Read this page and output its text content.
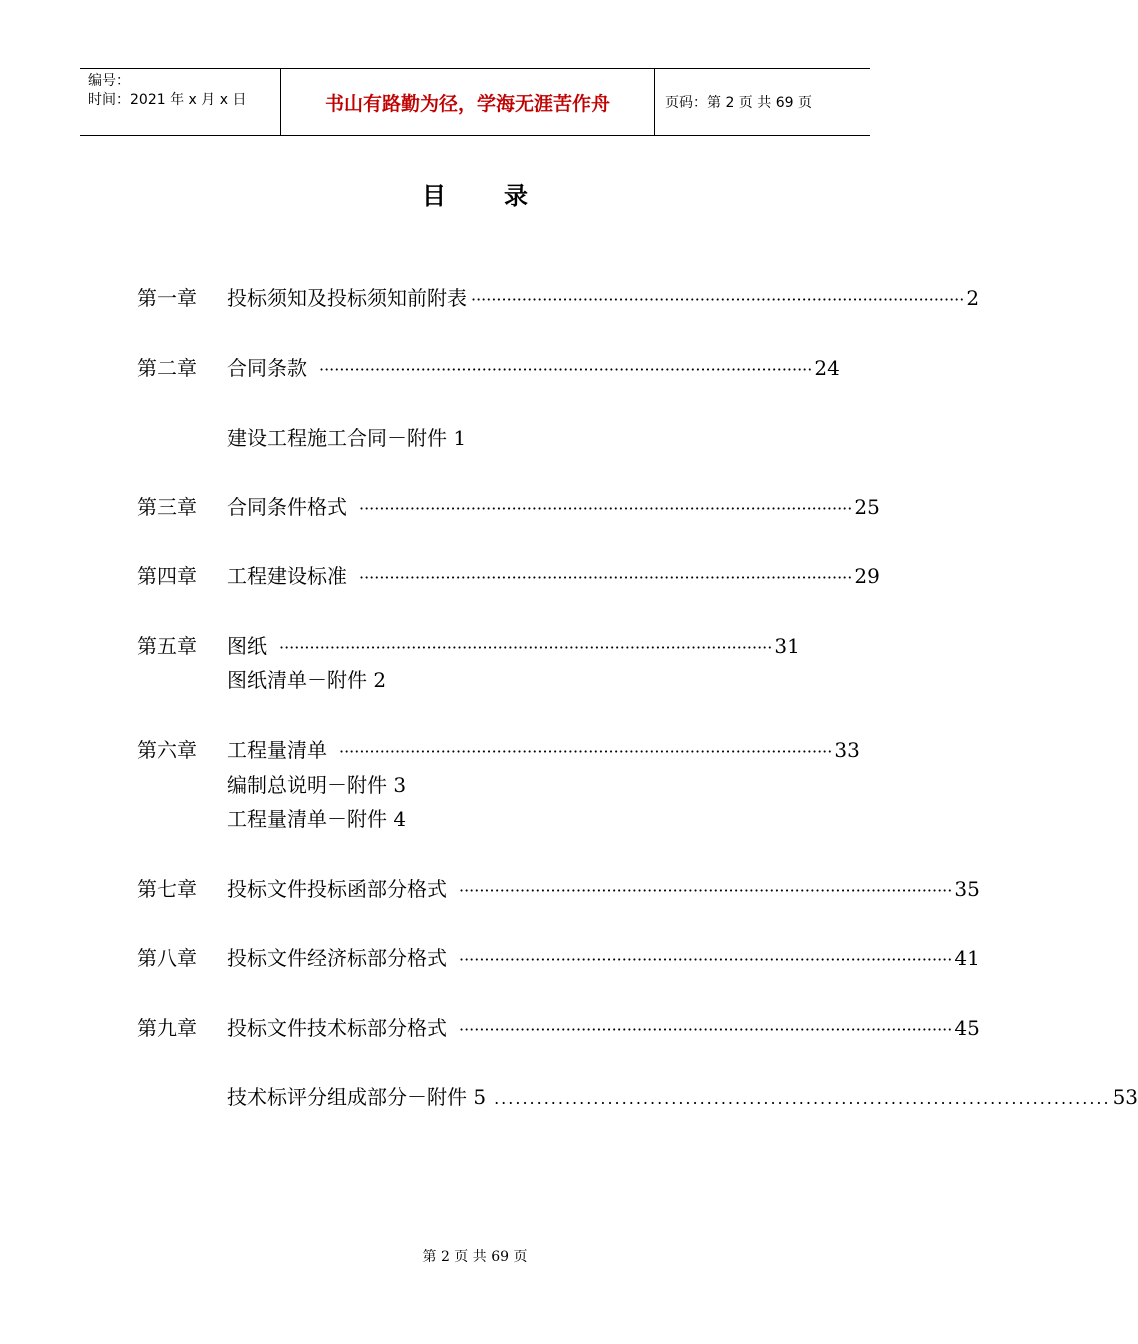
编号：
时间：2021 年 x 月 x 日	书山有路勤为径，学海无涯苦作舟	页码：第 2 页 共 69 页
目 录
第一章	投标须知及投标须知前附表 ································································································· 2
第二章	合同条款 ································································································· 24
建设工程施工合同－附件 1
第三章	合同条件格式 ································································································· 25
第四章	工程建设标准 ································································································· 29
第五章	图纸 ································································································· 31
图纸清单－附件 2
第六章	工程量清单 ································································································· 33
编制总说明－附件 3
工程量清单－附件 4
第七章	投标文件投标函部分格式 ································································································· 35
第八章	投标文件经济标部分格式 ································································································· 41
第九章	投标文件技术标部分格式 ································································································· 45
技术标评分组成部分－附件 5 ....................................................................................... 53
第 2 页 共 69 页
